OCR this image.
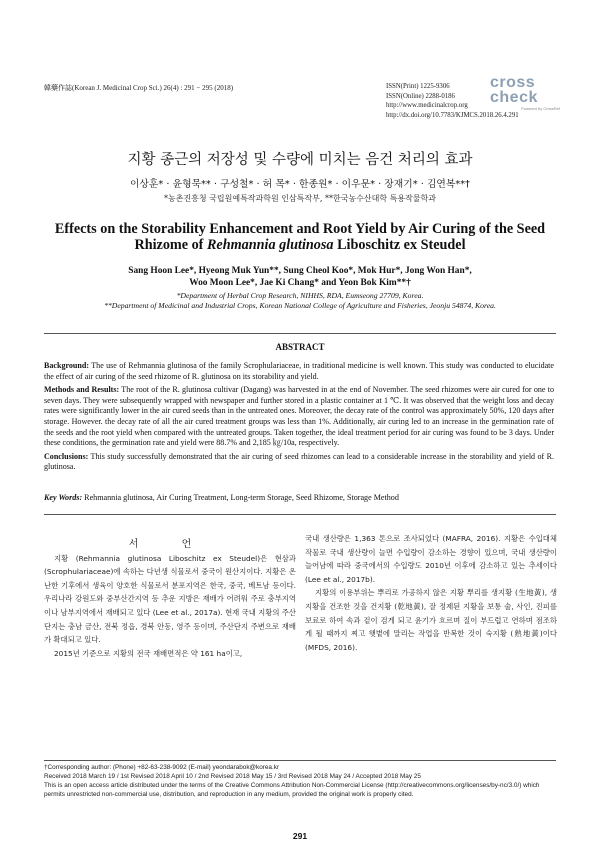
韓藥作誌(Korean J. Medicinal Crop Sci.) 26(4) : 291 − 295 (2018)	ISSN(Print) 1225-9306
ISSN(Online) 2288-0186
http://www.medicinalcrop.org
http://dx.doi.org/10.7783/KJMCS.2018.26.4.291
cross
check
Powered by CrossRef
지황 종근의 저장성 및 수량에 미치는 음건 처리의 효과
이상훈* · 윤형묵** · 구성철* · 허 목* · 한종원* · 이우문* · 장재기* · 김연복**†
*농촌진흥청 국립원예특작과학원 인삼특작부, **한국농수산대학 특용작물학과
Effects on the Storability Enhancement and Root Yield by Air Curing of the Seed
Rhizome of Rehmannia glutinosa Liboschitz ex Steudel
Sang Hoon Lee*, Hyeong Muk Yun**, Sung Cheol Koo*, Mok Hur*, Jong Won Han*,
Woo Moon Lee*, Jae Ki Chang* and Yeon Bok Kim**†
*Department of Herbal Crop Research, NIHHS, RDA, Eumseong 27709, Korea.
**Department of Medicinal and Industrial Crops, Korean National College of Agriculture and Fisheries, Jeonju 54874, Korea.
ABSTRACT

Background: The use of Rehmannia glutinosa of the family Scrophulariaceae, in traditional medicine is well known. This study was conducted to elucidate the effect of air curing of the seed rhizome of R. glutinosa on its storability and yield.

Methods and Results: The root of the R. glutinosa cultivar (Dagang) was harvested in at the end of November. The seed rhizomes were air cured for one to seven days. They were subsequently wrapped with newspaper and further stored in a plastic container at 1 ℃. It was observed that the weight loss and decay rates were significantly lower in the air cured seeds than in the untreated ones. Moreover, the decay rate of the control was approximately 50%, 120 days after storage. However. the decay rate of all the air cured treatment groups was less than 1%. Additionally, air curing led to an increase in the germination rate of the seeds and the root yield when compared with the untreated groups. Taken together, the ideal treatment period for air curing was found to be 3 days. Under these conditions, the germination rate and yield were 88.7% and 2,185 ㎏/10a, respectively.

Conclusions: This study successfully demonstrated that the air curing of seed rhizomes can lead to a considerable increase in the storability and yield of R. glutinosa.

Key Words: Rehmannia glutinosa, Air Curing Treatment, Long-term Storage, Seed Rhizome, Storage Method

서 언

지황 (Rehmannia glutinosa Liboschitz ex Steudel)은 현삼과 (Scrophulariaceae)에 속하는 다년생 식물로서 중국이 원산지이다. 지황은 온난한 기후에서 생육이 양호한 식물로서 분포지역은 한국, 중국, 베트남 등이다. 우리나라 강원도와 중부산간지역 등 추운 지방은 재배가 어려워 주로 충부지역이나 남부지역에서 재배되고 있다 (Lee et al., 2017a). 현재 국내 지황의 주산단지는 충남 금산, 전북 정읍, 경북 안동, 영주 등이며, 주산단지 주변으로 재배가 확대되고 있다.

2015년 기준으로 지황의 전국 재배면적은 약 161 ha이고,

국내 생산량은 1,363 톤으로 조사되었다 (MAFRA, 2016). 지황은 수입대체 작물로 국내 생산량이 늘면 수입량이 감소하는 경향이 있으며, 국내 생산량이 늘어남에 따라 중국에서의 수입량도 2010년 이후에 감소하고 있는 추세이다 (Lee et al., 2017b).

지황의 이용부위는 뿌리로 가공하지 않은 지황 뿌리를 생지황 (生地黃), 생지황을 건조한 것을 건지황 (乾地黃), 잘 정제된 지황을 보통 술, 사인, 진피를 보료로 하여 속과 겉이 검게 되고 윤기가 흐르며 질이 부드럽고 연하며 점조하게 될 때까지 찌고 햇볕에 말리는 작업을 반복한 것이 숙지황 (熟地黃)이다 (MFDS, 2016).

†Corresponding author: (Phone) +82-63-238-9092 (E-mail) yeondarabok@korea.kr
Received 2018 March 19 / 1st Revised 2018 April 10 / 2nd Revised 2018 May 15 / 3rd Revised 2018 May 24 / Accepted 2018 May 25
This is an open access article distributed under the terms of the Creative Commons Attribution Non-Commercial License (http://creativecommons.org/licenses/by-nc/3.0/) which permits unrestricted non-commercial use, distribution, and reproduction in any medium, provided the original work is properly cited.
291
